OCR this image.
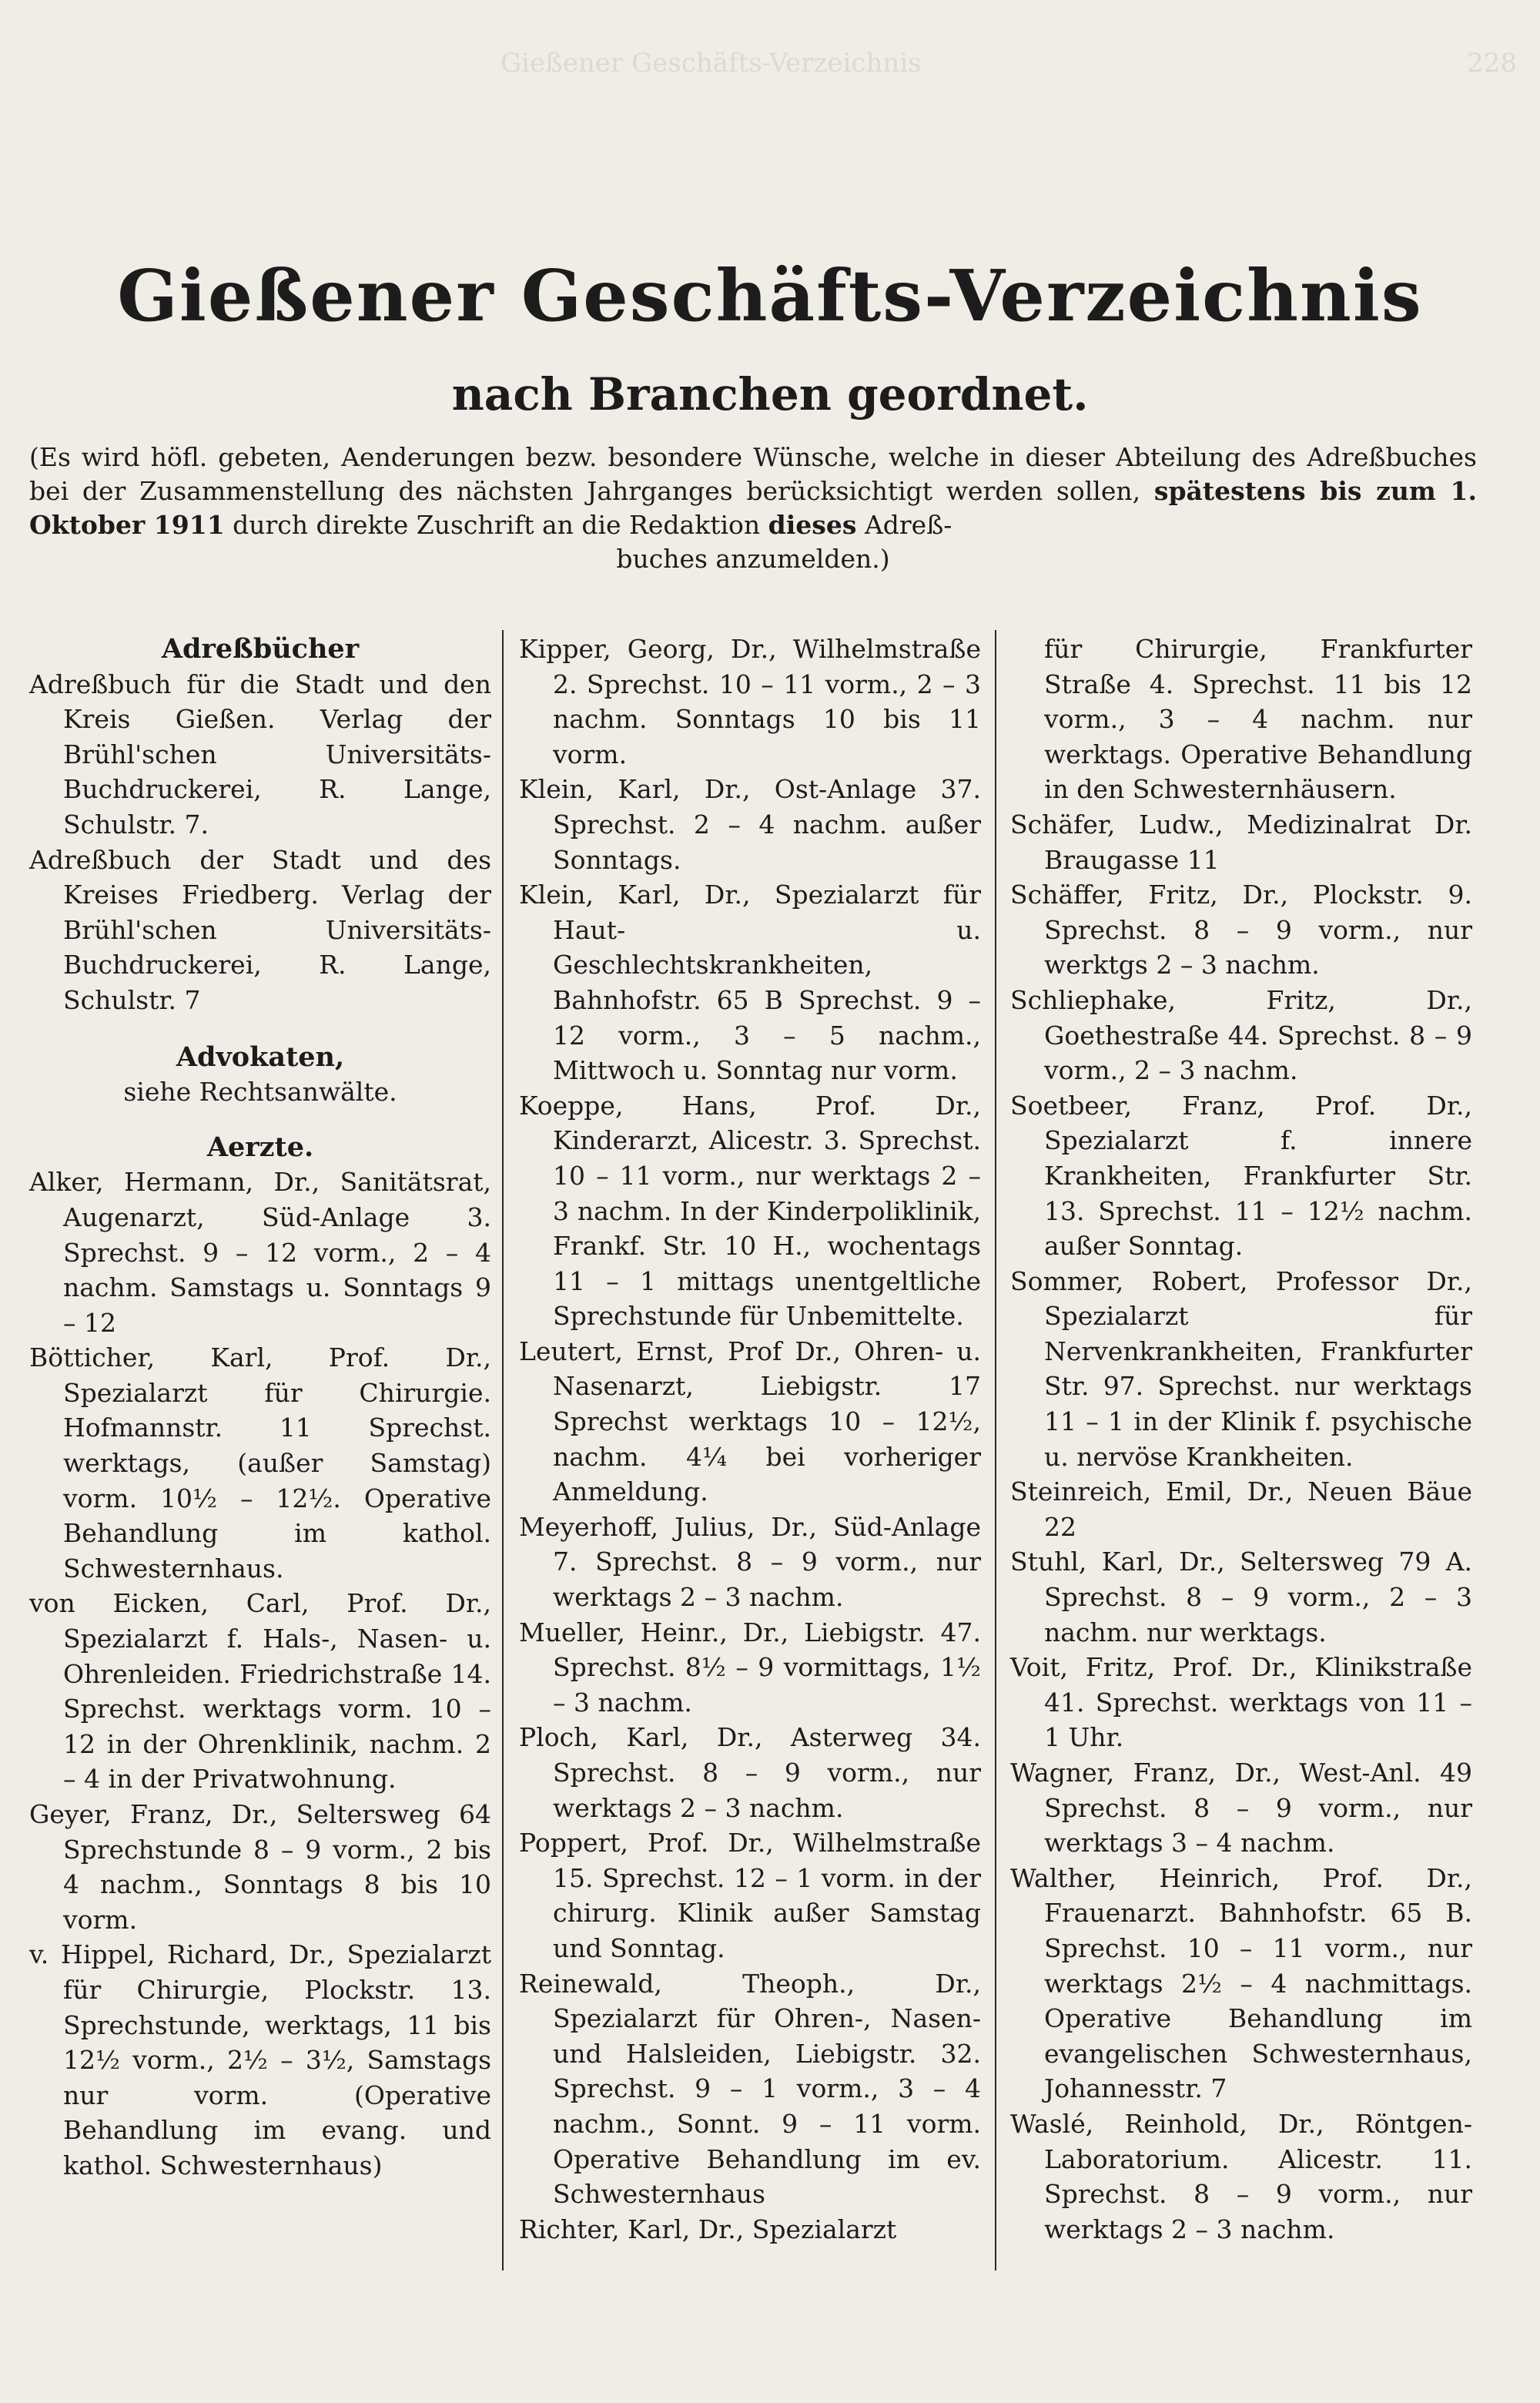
Gießener Geschäfts-Verzeichnis	228
Gießener Geschäfts-Verzeichnis
nach Branchen geordnet.
(Es wird höfl. gebeten, Aenderungen bezw. besondere Wünsche, welche in dieser Abteilung des Adreßbuches bei der Zusammenstellung des nächsten Jahrganges berücksichtigt werden sollen, spätestens bis zum 1. Oktober 1911 durch direkte Zuschrift an die Redaktion dieses Adreß-
buches anzumelden.)

Adreßbücher

Adreßbuch für die Stadt und den Kreis Gießen. Verlag der Brühl'schen Universitäts-Buchdruckerei, R. Lange, Schulstr. 7.

Adreßbuch der Stadt und des Kreises Friedberg. Verlag der Brühl'schen Universitäts-Buchdruckerei, R. Lange, Schulstr. 7

Advokaten,

siehe Rechtsanwälte.

Aerzte.

Alker, Hermann, Dr., Sanitätsrat, Augenarzt, Süd-Anlage 3. Sprechst. 9 – 12 vorm., 2 – 4 nachm. Samstags u. Sonntags 9 – 12

Bötticher, Karl, Prof. Dr., Spezialarzt für Chirurgie. Hofmannstr. 11 Sprechst. werktags, (außer Samstag) vorm. 10½ – 12½. Operative Behandlung im kathol. Schwesternhaus.

von Eicken, Carl, Prof. Dr., Spezialarzt f. Hals-, Nasen- u. Ohrenleiden. Friedrichstraße 14. Sprechst. werktags vorm. 10 – 12 in der Ohrenklinik, nachm. 2 – 4 in der Privatwohnung.

Geyer, Franz, Dr., Seltersweg 64 Sprechstunde 8 – 9 vorm., 2 bis 4 nachm., Sonntags 8 bis 10 vorm.

v. Hippel, Richard, Dr., Spezialarzt für Chirurgie, Plockstr. 13. Sprechstunde, werktags, 11 bis 12½ vorm., 2½ – 3½, Samstags nur vorm. (Operative Behandlung im evang. und kathol. Schwesternhaus)

Kipper, Georg, Dr., Wilhelmstraße 2. Sprechst. 10 – 11 vorm., 2 – 3 nachm. Sonntags 10 bis 11 vorm.

Klein, Karl, Dr., Ost-Anlage 37. Sprechst. 2 – 4 nachm. außer Sonntags.

Klein, Karl, Dr., Spezialarzt für Haut- u. Geschlechtskrankheiten, Bahnhofstr. 65 B Sprechst. 9 – 12 vorm., 3 – 5 nachm., Mittwoch u. Sonntag nur vorm.

Koeppe, Hans, Prof. Dr., Kinderarzt, Alicestr. 3. Sprechst. 10 – 11 vorm., nur werktags 2 – 3 nachm. In der Kinderpoliklinik, Frankf. Str. 10 H., wochentags 11 – 1 mittags unentgeltliche Sprechstunde für Unbemittelte.

Leutert, Ernst, Prof Dr., Ohren- u. Nasenarzt, Liebigstr. 17 Sprechst werktags 10 – 12½, nachm. 4¼ bei vorheriger Anmeldung.

Meyerhoff, Julius, Dr., Süd-Anlage 7. Sprechst. 8 – 9 vorm., nur werktags 2 – 3 nachm.

Mueller, Heinr., Dr., Liebigstr. 47. Sprechst. 8½ – 9 vormittags, 1½ – 3 nachm.

Ploch, Karl, Dr., Asterweg 34. Sprechst. 8 – 9 vorm., nur werktags 2 – 3 nachm.

Poppert, Prof. Dr., Wilhelmstraße 15. Sprechst. 12 – 1 vorm. in der chirurg. Klinik außer Samstag und Sonntag.

Reinewald, Theoph., Dr., Spezialarzt für Ohren-, Nasen- und Halsleiden, Liebigstr. 32. Sprechst. 9 – 1 vorm., 3 – 4 nachm., Sonnt. 9 – 11 vorm. Operative Behandlung im ev. Schwesternhaus

Richter, Karl, Dr., Spezialarzt

für Chirurgie, Frankfurter Straße 4. Sprechst. 11 bis 12 vorm., 3 – 4 nachm. nur werktags. Operative Behandlung in den Schwesternhäusern.

Schäfer, Ludw., Medizinalrat Dr. Braugasse 11

Schäffer, Fritz, Dr., Plockstr. 9. Sprechst. 8 – 9 vorm., nur werktgs 2 – 3 nachm.

Schliephake, Fritz, Dr., Goethestraße 44. Sprechst. 8 – 9 vorm., 2 – 3 nachm.

Soetbeer, Franz, Prof. Dr., Spezialarzt f. innere Krankheiten, Frankfurter Str. 13. Sprechst. 11 – 12½ nachm. außer Sonntag.

Sommer, Robert, Professor Dr., Spezialarzt für Nervenkrankheiten, Frankfurter Str. 97. Sprechst. nur werktags 11 – 1 in der Klinik f. psychische u. nervöse Krankheiten.

Steinreich, Emil, Dr., Neuen Bäue 22

Stuhl, Karl, Dr., Seltersweg 79 A. Sprechst. 8 – 9 vorm., 2 – 3 nachm. nur werktags.

Voit, Fritz, Prof. Dr., Klinikstraße 41. Sprechst. werktags von 11 – 1 Uhr.

Wagner, Franz, Dr., West-Anl. 49 Sprechst. 8 – 9 vorm., nur werktags 3 – 4 nachm.

Walther, Heinrich, Prof. Dr., Frauenarzt. Bahnhofstr. 65 B. Sprechst. 10 – 11 vorm., nur werktags 2½ – 4 nachmittags. Operative Behandlung im evangelischen Schwesternhaus, Johannesstr. 7

Waslé, Reinhold, Dr., Röntgen-Laboratorium. Alicestr. 11. Sprechst. 8 – 9 vorm., nur werktags 2 – 3 nachm.
